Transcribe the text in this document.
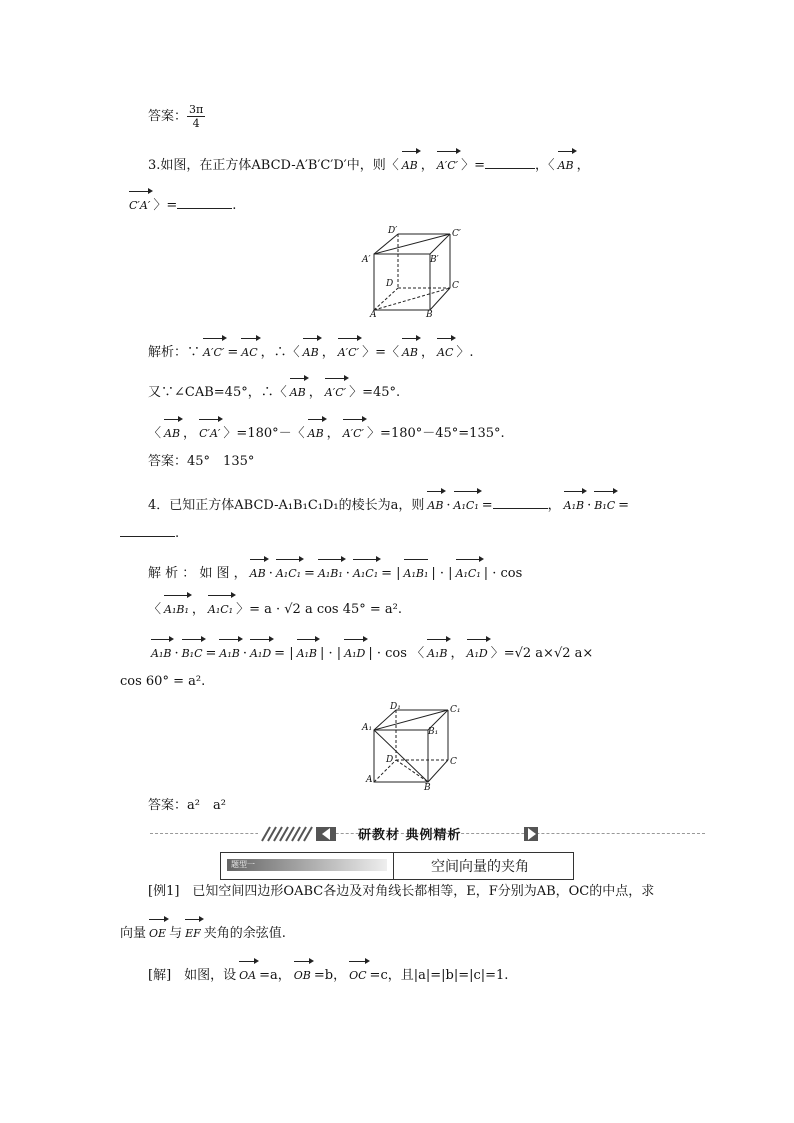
答案： $\frac{3\pi}{4}$
3.如图，在正方体ABCD-A′B′C′D′中，则〈 AB ， A′C′ 〉=	，〈 AB ，
C′A′ 〉=	.
D′	C′
A′	B′
D	C
A	B
解析：∵ A′C′ = AC ，∴〈 AB ， A′C′ 〉=〈 AB ， AC 〉.
又∵∠CAB=45°，∴〈 AB ， A′C′ 〉=45°.
〈 AB ， C′A′ 〉=180°－〈 AB ， A′C′ 〉=180°－45°=135°.
答案：45°　135°
4．已知正方体ABCD-A₁B₁C₁D₁的棱长为a，则 AB · A₁C₁ =	， A₁B · B₁C =
.
解 析 ： 如 图 ， AB · A₁C₁ = A₁B₁ · A₁C₁ = | A₁B₁ | · | A₁C₁ | · cos
〈 A₁B₁ ， A₁C₁ 〉= a · √2 a cos 45° = a².
A₁B · B₁C = A₁B · A₁D = | A₁B | · | A₁D | · cos 〈 A₁B ， A₁D 〉=√2 a×√2 a×
cos 60° = a².
D₁	C₁
A₁	B₁
D	C
A
B
答案：a²　a²
研教材 典例精析
题型一	空间向量的夹角
[例1]　已知空间四边形OABC各边及对角线长都相等，E，F分别为AB，OC的中点，求
向量 OE 与 EF 夹角的余弦值.
[解]　如图，设 OA =a， OB =b， OC =c，且|a|=|b|=|c|=1.
